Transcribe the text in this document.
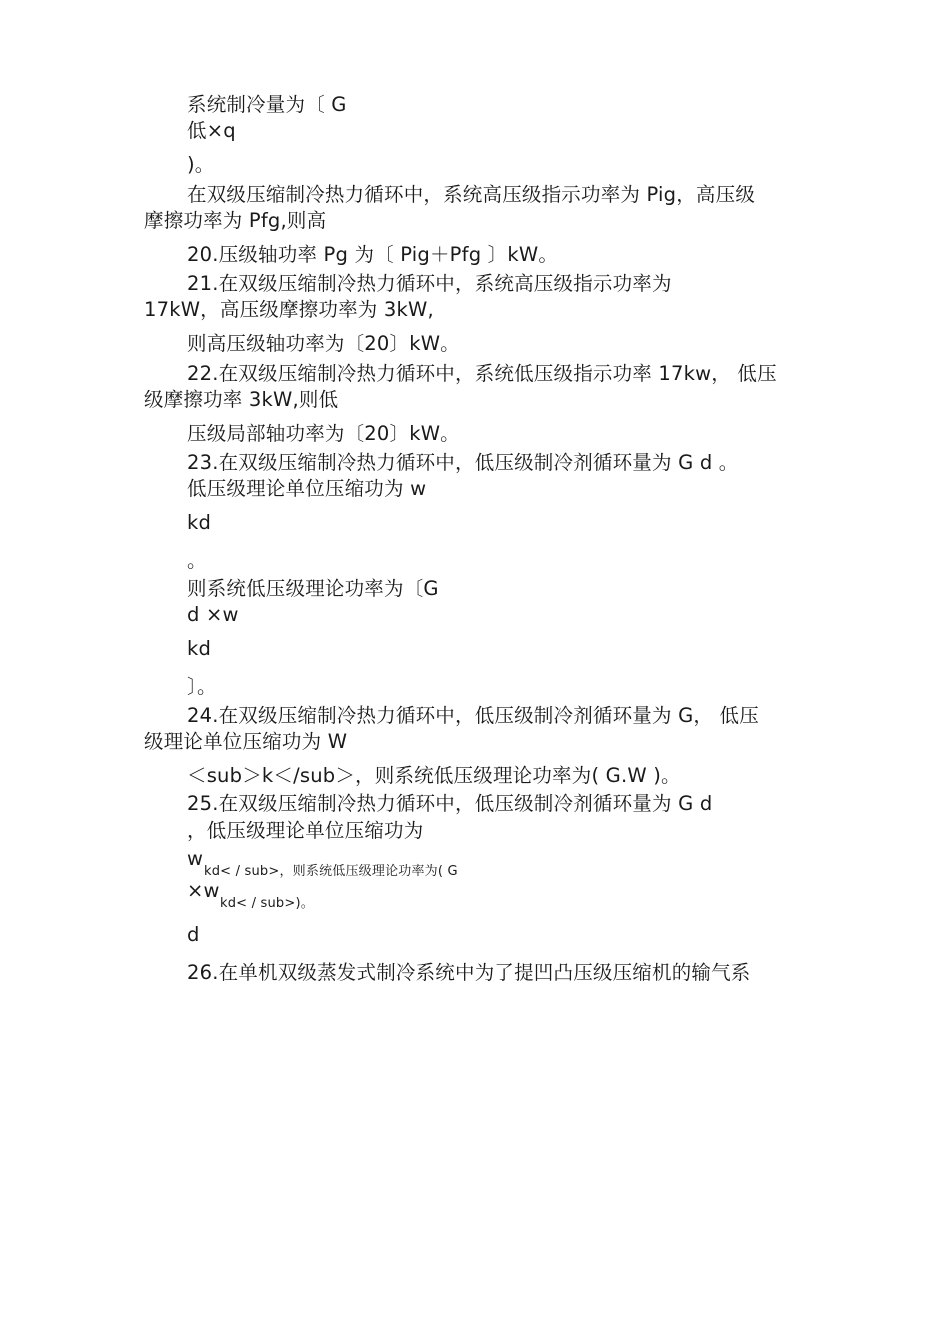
系统制冷量为〔 G
低×q
)。
在双级压缩制冷热力循环中，系统高压级指示功率为 Pig，高压级
摩擦功率为 Pfg,则高
20.压级轴功率 Pg 为〔 Pig＋Pfg 〕kW。
21.在双级压缩制冷热力循环中，系统高压级指示功率为
17kW，高压级摩擦功率为 3kW,
则高压级轴功率为〔20〕kW。
22.在双级压缩制冷热力循环中，系统低压级指示功率 17kw， 低压
级摩擦功率 3kW,则低
压级局部轴功率为〔20〕kW。
23.在双级压缩制冷热力循环中，低压级制冷剂循环量为 G d 。
低压级理论单位压缩功为 w
kd
。
则系统低压级理论功率为〔G
d ×w
kd
〕。
24.在双级压缩制冷热力循环中，低压级制冷剂循环量为 G， 低压
级理论单位压缩功为 W
＜sub＞k＜/sub＞，则系统低压级理论功率为( G.W )。
25.在双级压缩制冷热力循环中，低压级制冷剂循环量为 G d
，低压级理论单位压缩功为
w
kd< / sub>，则系统低压级理论功率为( G
×w
kd< / sub>)。
d
26.在单机双级蒸发式制冷系统中为了提凹凸压级压缩机的输气系
